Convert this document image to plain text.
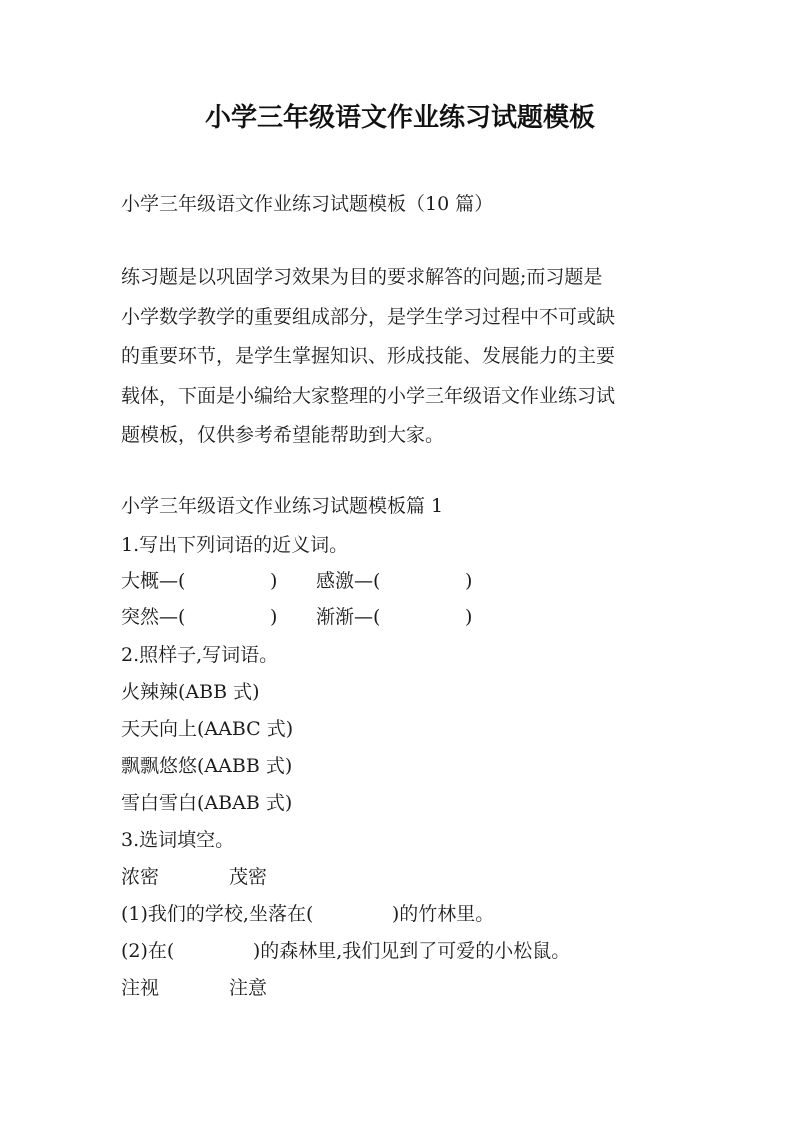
小学三年级语文作业练习试题模板
小学三年级语文作业练习试题模板（10 篇）
练习题是以巩固学习效果为目的要求解答的问题;而习题是
小学数学教学的重要组成部分，是学生学习过程中不可或缺
的重要环节，是学生掌握知识、形成技能、发展能力的主要
载体，下面是小编给大家整理的小学三年级语文作业练习试
题模板，仅供参考希望能帮助到大家。
小学三年级语文作业练习试题模板篇 1
1.写出下列词语的近义词。

大概—(              )

感激—(              )

突然—(              )

渐渐—(              )

2.照样子,写词语。
火辣辣(ABB 式)
天天向上(AABC 式)
飘飘悠悠(AABB 式)
雪白雪白(ABAB 式)
3.选词填空。

浓密

	茂密

(1)我们的学校,坐落在(             )的竹林里。
(2)在(             )的森林里,我们见到了可爱的小松鼠。

注视

	注意
